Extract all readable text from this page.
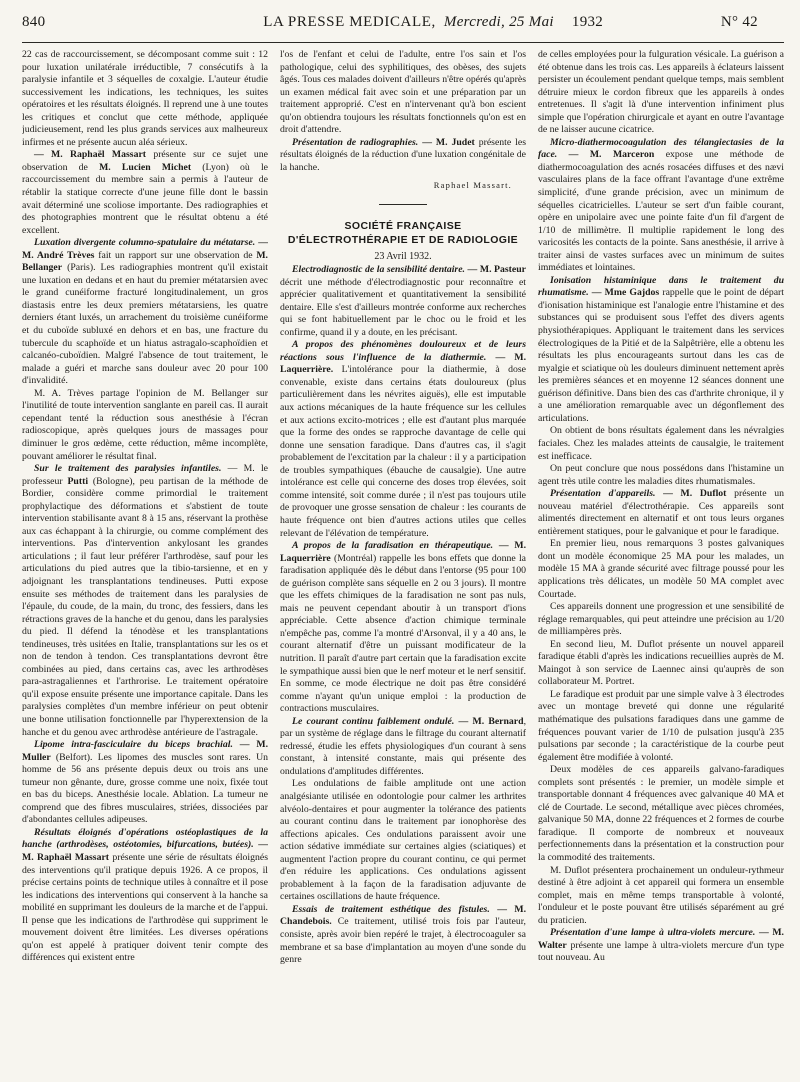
840	LA PRESSE MEDICALE, Mercredi, 25 Mai 1932	N° 42

22 cas de raccourcissement, se décomposant comme suit : 12 pour luxation unilatérale irréductible, 7 consécutifs à la paralysie infantile et 3 séquelles de coxalgie. L'auteur étudie successivement les indications, les techniques, les suites opératoires et les résultats éloignés. Il reprend une à une toutes les critiques et conclut que cette méthode, appliquée judicieusement, rend les plus grands services aux malheureux infirmes et ne présente aucun aléa sérieux.

— M. Raphaël Massart présente sur ce sujet une observation de M. Lucien Michet (Lyon) où le raccourcissement du membre sain a permis à l'auteur de rétablir la statique correcte d'une jeune fille dont le bassin avait déterminé une scoliose importante. Des radiographies et des photographies montrent que le résultat obtenu a été excellent.

Luxation divergente columno-spatulaire du métatarse. — M. André Trèves fait un rapport sur une observation de M. Bellanger (Paris). Les radiographies montrent qu'il existait une luxation en dedans et en haut du premier métatarsien avec le grand cunéiforme fracturé longitudinalement, un gros diastasis entre les deux premiers métatarsiens, les quatre derniers étant luxés, un arrachement du troisième cunéiforme et du cuboïde subluxé en dehors et en bas, une fracture du tubercule du scaphoïde et un hiatus astragalo-scaphoïdien et calcanéo-cuboïdien. Malgré l'absence de tout traitement, le malade a guéri et marche sans douleur avec 20 pour 100 d'invalidité.

M. A. Trèves partage l'opinion de M. Bellanger sur l'inutilité de toute intervention sanglante en pareil cas. Il aurait cependant tenté la réduction sous anesthésie à l'écran radioscopique, après quelques jours de massages pour diminuer le gros œdème, cette réduction, même incomplète, pouvant améliorer le résultat final.

Sur le traitement des paralysies infantiles. — M. le professeur Putti (Bologne), peu partisan de la méthode de Bordier, considère comme primordial le traitement prophylactique des déformations et s'abstient de toute intervention stabilisante avant 8 à 15 ans, réservant la prothèse aux cas échappant à la chirurgie, ou comme complément des interventions. Pas d'intervention ankylosant les grandes articulations ; il faut leur préférer l'arthrodèse, sauf pour les articulations du pied autres que la tibio-tarsienne, et en y adjoignant les transplantations tendineuses. Putti expose ensuite ses méthodes de traitement dans les paralysies de l'épaule, du coude, de la main, du tronc, des fessiers, dans les rétractions graves de la hanche et du genou, dans les paralysies du pied. Il défend la ténodèse et les transplantations tendineuses, très usitées en Italie, transplantations sur les os et non de tendon à tendon. Ces transplantations devront être combinées au pied, dans certains cas, avec les arthrodèses para-astragaliennes et l'arthrorise. Le traitement opératoire qu'il expose ensuite présente une importance capitale. Dans les paralysies complètes d'un membre inférieur on peut obtenir une bonne utilisation fonctionnelle par l'hyperextension de la hanche et du genou avec arthrodèse antérieure de l'astragale.

Lipome intra-fasciculaire du biceps brachial. — M. Muller (Belfort). Les lipomes des muscles sont rares. Un homme de 56 ans présente depuis deux ou trois ans une tumeur non gênante, dure, grosse comme une noix, fixée tout en bas du biceps. Anesthésie locale. Ablation. La tumeur ne comprend que des fibres musculaires, striées, dissociées par d'abondantes cellules adipeuses.

Résultats éloignés d'opérations ostéoplastiques de la hanche (arthrodèses, ostéotomies, bifurcations, butées). — M. Raphaël Massart présente une série de résultats éloignés des interventions qu'il pratique depuis 1926. A ce propos, il précise certains points de technique utiles à connaître et il pose les indications des interventions qui conservent à la hanche sa mobilité en supprimant les douleurs de la marche et de l'appui. Il pense que les indications de l'arthrodèse qui suppriment le mouvement doivent être limitées. Les diverses opérations qu'on est appelé à pratiquer doivent tenir compte des différences qui existent entre

l'os de l'enfant et celui de l'adulte, entre l'os sain et l'os pathologique, celui des syphilitiques, des obèses, des sujets âgés. Tous ces malades doivent d'ailleurs n'être opérés qu'après un examen médical fait avec soin et une préparation par un traitement approprié. C'est en n'intervenant qu'à bon escient qu'on obtiendra toujours les résultats fonctionnels qu'on est en droit d'attendre.

Présentation de radiographies. — M. Judet présente les résultats éloignés de la réduction d'une luxation congénitale de la hanche.

Raphael Massart.

SOCIÉTÉ FRANÇAISE
D'ÉLECTROTHÉRAPIE ET DE RADIOLOGIE
23 Avril 1932.

Electrodiagnostic de la sensibilité dentaire. — M. Pasteur décrit une méthode d'électrodiagnostic pour reconnaître et apprécier qualitativement et quantitativement la sensibilité dentaire. Elle s'est d'ailleurs montrée conforme aux recherches qui se font habituellement par le choc ou le froid et les confirme, quand il y a doute, en les précisant.

A propos des phénomènes douloureux et de leurs réactions sous l'influence de la diathermie. — M. Laquerrière. L'intolérance pour la diathermie, à dose convenable, existe dans certains états douloureux (plus particulièrement dans les névrites aiguës), elle est imputable aux actions mécaniques de la haute fréquence sur les cellules et aux actions excito-motrices ; elle est d'autant plus marquée que la forme des ondes se rapproche davantage de celle qui donne une sensation faradique. Dans d'autres cas, il s'agit probablement de l'excitation par la chaleur : il y a participation de troubles sympathiques (ébauche de causalgie). Une autre intolérance est celle qui concerne des doses trop élevées, soit comme intensité, soit comme durée ; il n'est pas toujours utile de provoquer une grosse sensation de chaleur : les courants de haute fréquence ont bien d'autres actions utiles que celles relevant de l'élévation de température.

A propos de la faradisation en thérapeutique. — M. Laquerrière (Montréal) rappelle les bons effets que donne la faradisation appliquée dès le début dans l'entorse (95 pour 100 de guérison complète sans séquelle en 2 ou 3 jours). Il montre que les effets chimiques de la faradisation ne sont pas nuls, mais ne peuvent cependant aboutir à un transport d'ions appréciable. Cette absence d'action chimique terminale n'empêche pas, comme l'a montré d'Arsonval, il y a 40 ans, le courant alternatif d'être un puissant modificateur de la nutrition. Il paraît d'autre part certain que la faradisation excite le sympathique aussi bien que le nerf moteur et le nerf sensitif. En somme, ce mode électrique ne doit pas être considéré comme n'ayant qu'un unique emploi : la production de contractions musculaires.

Le courant continu faiblement ondulé. — M. Bernard, par un système de réglage dans le filtrage du courant alternatif redressé, étudie les effets physiologiques d'un courant à sens constant, à intensité constante, mais qui présente des ondulations d'amplitudes différentes.

Les ondulations de faible amplitude ont une action analgésiante utilisée en odontologie pour calmer les arthrites alvéolo-dentaires et pour augmenter la tolérance des patients au courant continu dans le traitement par ionophorèse des affections apicales. Ces ondulations paraissent avoir une action sédative immédiate sur certaines algies (sciatiques) et augmentent l'action propre du courant continu, ce qui permet d'en réduire les applications. Ces ondulations agissent probablement à la façon de la faradisation adjuvante de certaines oscillations de haute fréquence.

Essais de traitement esthétique des fistules. — M. Chandebois. Ce traitement, utilisé trois fois par l'auteur, consiste, après avoir bien repéré le trajet, à électrocoaguler sa membrane et sa base d'implantation au moyen d'une sonde du genre

de celles employées pour la fulguration vésicale. La guérison a été obtenue dans les trois cas. Les appareils à éclateurs laissent persister un écoulement pendant quelque temps, mais semblent détruire mieux le cordon fibreux que les appareils à ondes entretenues. Il s'agit là d'une intervention infiniment plus simple que l'opération chirurgicale et ayant en outre l'avantage de ne laisser aucune cicatrice.

Micro-diathermocoagulation des télangiectasies de la face. — M. Marceron expose une méthode de diathermocoagulation des acnés rosacées diffuses et des nævi vasculaires plans de la face offrant l'avantage d'une extrême simplicité, d'une grande précision, avec un minimum de séquelles cicatricielles. L'auteur se sert d'un faible courant, opère en unipolaire avec une pointe faite d'un fil d'argent de 1/10 de millimètre. Il multiplie rapidement le long des varicosités les contacts de la pointe. Sans anesthésie, il arrive à traiter ainsi de vastes surfaces avec un minimum de suites immédiates et lointaines.

Ionisation histaminique dans le traitement du rhumatisme. — Mme Gajdos rappelle que le point de départ d'ionisation histaminique est l'analogie entre l'histamine et des substances qui se produisent sous l'effet des divers agents physiothérapiques. Appliquant le traitement dans les services électrologiques de la Pitié et de la Salpêtrière, elle a obtenu les résultats les plus encourageants surtout dans les cas de myalgie et sciatique où les douleurs diminuent nettement après les premières séances et en moyenne 12 séances donnent une guérison définitive. Dans bien des cas d'arthrite chronique, il y a une amélioration remarquable avec un dégonflement des articulations.

On obtient de bons résultats également dans les névralgies faciales. Chez les malades atteints de causalgie, le traitement est inefficace.

On peut conclure que nous possédons dans l'histamine un agent très utile contre les maladies dites rhumatismales.

Présentation d'appareils. — M. Duflot présente un nouveau matériel d'électrothérapie. Ces appareils sont alimentés directement en alternatif et ont tous leurs organes entièrement statiques, pour le galvanique et pour le faradique.

En premier lieu, nous remarquons 3 postes galvaniques dont un modèle économique 25 MA pour les malades, un modèle 15 MA à grande sécurité avec filtrage poussé pour les applications très délicates, un modèle 50 MA complet avec Courtade.

Ces appareils donnent une progression et une sensibilité de réglage remarquables, qui peut atteindre une précision au 1/20 de milliampères près.

En second lieu, M. Duflot présente un nouvel appareil faradique établi d'après les indications recueillies auprès de M. Maingot à son service de Laennec ainsi qu'auprès de son collaborateur M. Portret.

Le faradique est produit par une simple valve à 3 électrodes avec un montage breveté qui donne une régularité mathématique des pulsations faradiques dans une gamme de fréquences pouvant varier de 1/10 de pulsation jusqu'à 235 pulsations par seconde ; la caractéristique de la courbe peut également être modifiée à volonté.

Deux modèles de ces appareils galvano-faradiques complets sont présentés : le premier, un modèle simple et transportable donnant 4 fréquences avec galvanique 40 MA et clé de Courtade. Le second, métallique avec pièces chromées, galvanique 50 MA, donne 22 fréquences et 2 formes de courbe faradique. Il comporte de nombreux et nouveaux perfectionnements dans la présentation et la construction pour la commodité des traitements.

M. Duflot présentera prochainement un onduleur-rythmeur destiné à être adjoint à cet appareil qui formera un ensemble complet, mais en même temps transportable à volonté, l'onduleur et le poste pouvant être utilisés séparément au gré du praticien.

Présentation d'une lampe à ultra-violets mercure. — M. Walter présente une lampe à ultra-violets mercure d'un type tout nouveau. Au
